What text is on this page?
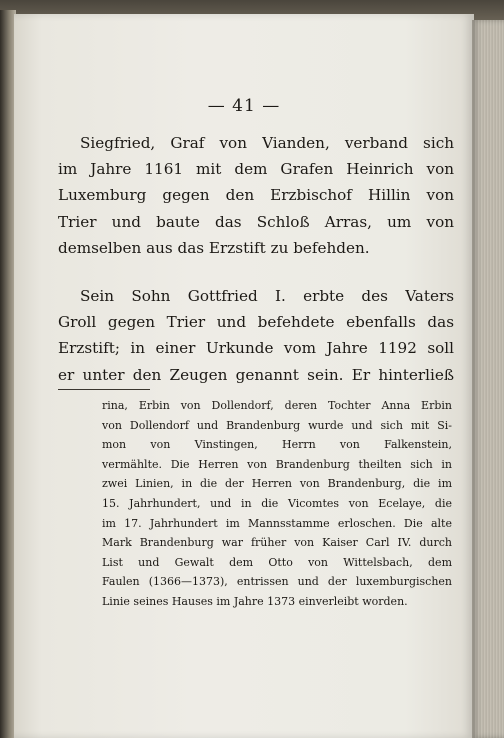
— 41 —
Siegfried, Graf von Vianden, verband sich
im Jahre 1161 mit dem Grafen Heinrich von
Luxemburg gegen den Erzbischof Hillin von
Trier und baute das Schloß Arras, um von
demselben aus das Erzstift zu befehden.
Sein Sohn Gottfried I. erbte des Vaters
Groll gegen Trier und befehdete ebenfalls das
Erzstift; in einer Urkunde vom Jahre 1192 soll
er unter den Zeugen genannt sein. Er hinterließ
rina, Erbin von Dollendorf, deren Tochter Anna Erbin
von Dollendorf und Brandenburg wurde und sich mit Si-
mon von Vinstingen, Herrn von Falkenstein,
vermählte. Die Herren von Brandenburg theilten sich in
zwei Linien, in die der Herren von Brandenburg, die im
15. Jahrhundert, und in die Vicomtes von Ecelaye, die
im 17. Jahrhundert im Mannsstamme erloschen. Die alte
Mark Brandenburg war früher von Kaiser Carl IV. durch
List und Gewalt dem Otto von Wittelsbach, dem
Faulen (1366—1373), entrissen und der luxemburgischen
Linie seines Hauses im Jahre 1373 einverleibt worden.
